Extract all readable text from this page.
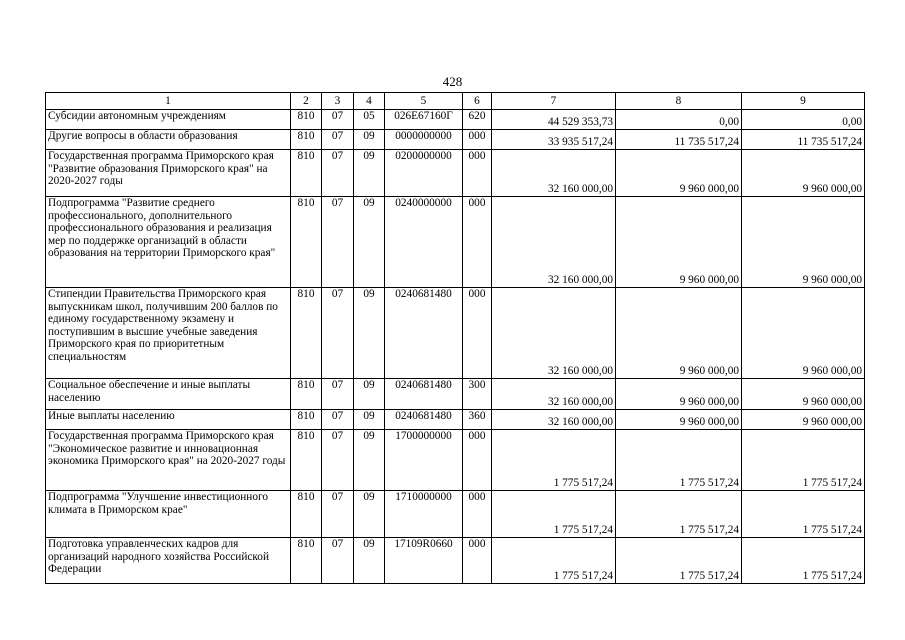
428
1	2	3	4	5	6	7	8	9
Субсидии автономным учреждениям	810	07	05	026E67160Г	620	44 529 353,73	0,00	0,00
Другие вопросы в области образования	810	07	09	0000000000	000	33 935 517,24	11 735 517,24	11 735 517,24
Государственная программа Приморского края "Развитие образования Приморского края" на 2020-2027 годы	810	07	09	0200000000	000	32 160 000,00	9 960 000,00	9 960 000,00
Подпрограмма "Развитие среднего профессионального, дополнительного профессионального образования и реализация мер по поддержке организаций в области образования на территории Приморского края"	810	07	09	0240000000	000	32 160 000,00	9 960 000,00	9 960 000,00
Стипендии Правительства Приморского края выпускникам школ, получившим 200 баллов по единому государственному экзамену и поступившим в высшие учебные заведения Приморского края по приоритетным специальностям	810	07	09	0240681480	000	32 160 000,00	9 960 000,00	9 960 000,00
Социальное обеспечение и иные выплаты населению	810	07	09	0240681480	300	32 160 000,00	9 960 000,00	9 960 000,00
Иные выплаты населению	810	07	09	0240681480	360	32 160 000,00	9 960 000,00	9 960 000,00
Государственная программа Приморского края "Экономическое развитие и инновационная экономика Приморского края" на 2020-2027 годы	810	07	09	1700000000	000	1 775 517,24	1 775 517,24	1 775 517,24
Подпрограмма "Улучшение инвестиционного климата в Приморском крае"	810	07	09	1710000000	000	1 775 517,24	1 775 517,24	1 775 517,24
Подготовка управленческих кадров для организаций народного хозяйства Российской Федерации	810	07	09	17109R0660	000	1 775 517,24	1 775 517,24	1 775 517,24
